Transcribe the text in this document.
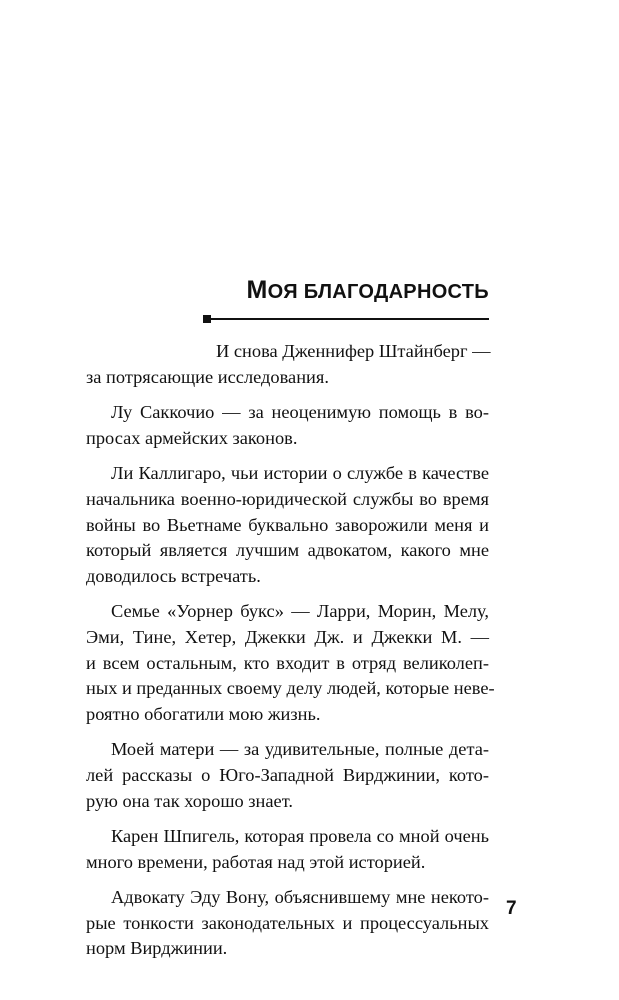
МОЯ БЛАГОДАРНОСТЬ

И снова Дженнифер Штайнберг —
за потрясающие исследования.

Лу Саккочио — за неоценимую помощь в во-
просах армейских законов.

Ли Каллигаро, чьи истории о службе в качестве
начальника военно-юридической службы во время
войны во Вьетнаме буквально заворожили меня и
который является лучшим адвокатом, какого мне
доводилось встречать.

Семье «Уорнер букс» — Ларри, Морин, Мелу,
Эми, Тине, Хетер, Джекки Дж. и Джекки М. —
и всем остальным, кто входит в отряд великолеп-
ных и преданных своему делу людей, которые неве-
роятно обогатили мою жизнь.

Моей матери — за удивительные, полные дета-
лей рассказы о Юго-Западной Вирджинии, кото-
рую она так хорошо знает.

Карен Шпигель, которая провела со мной очень
много времени, работая над этой историей.

Адвокату Эду Вону, объяснившему мне некото-
рые тонкости законодательных и процессуальных
норм Вирджинии.

7
